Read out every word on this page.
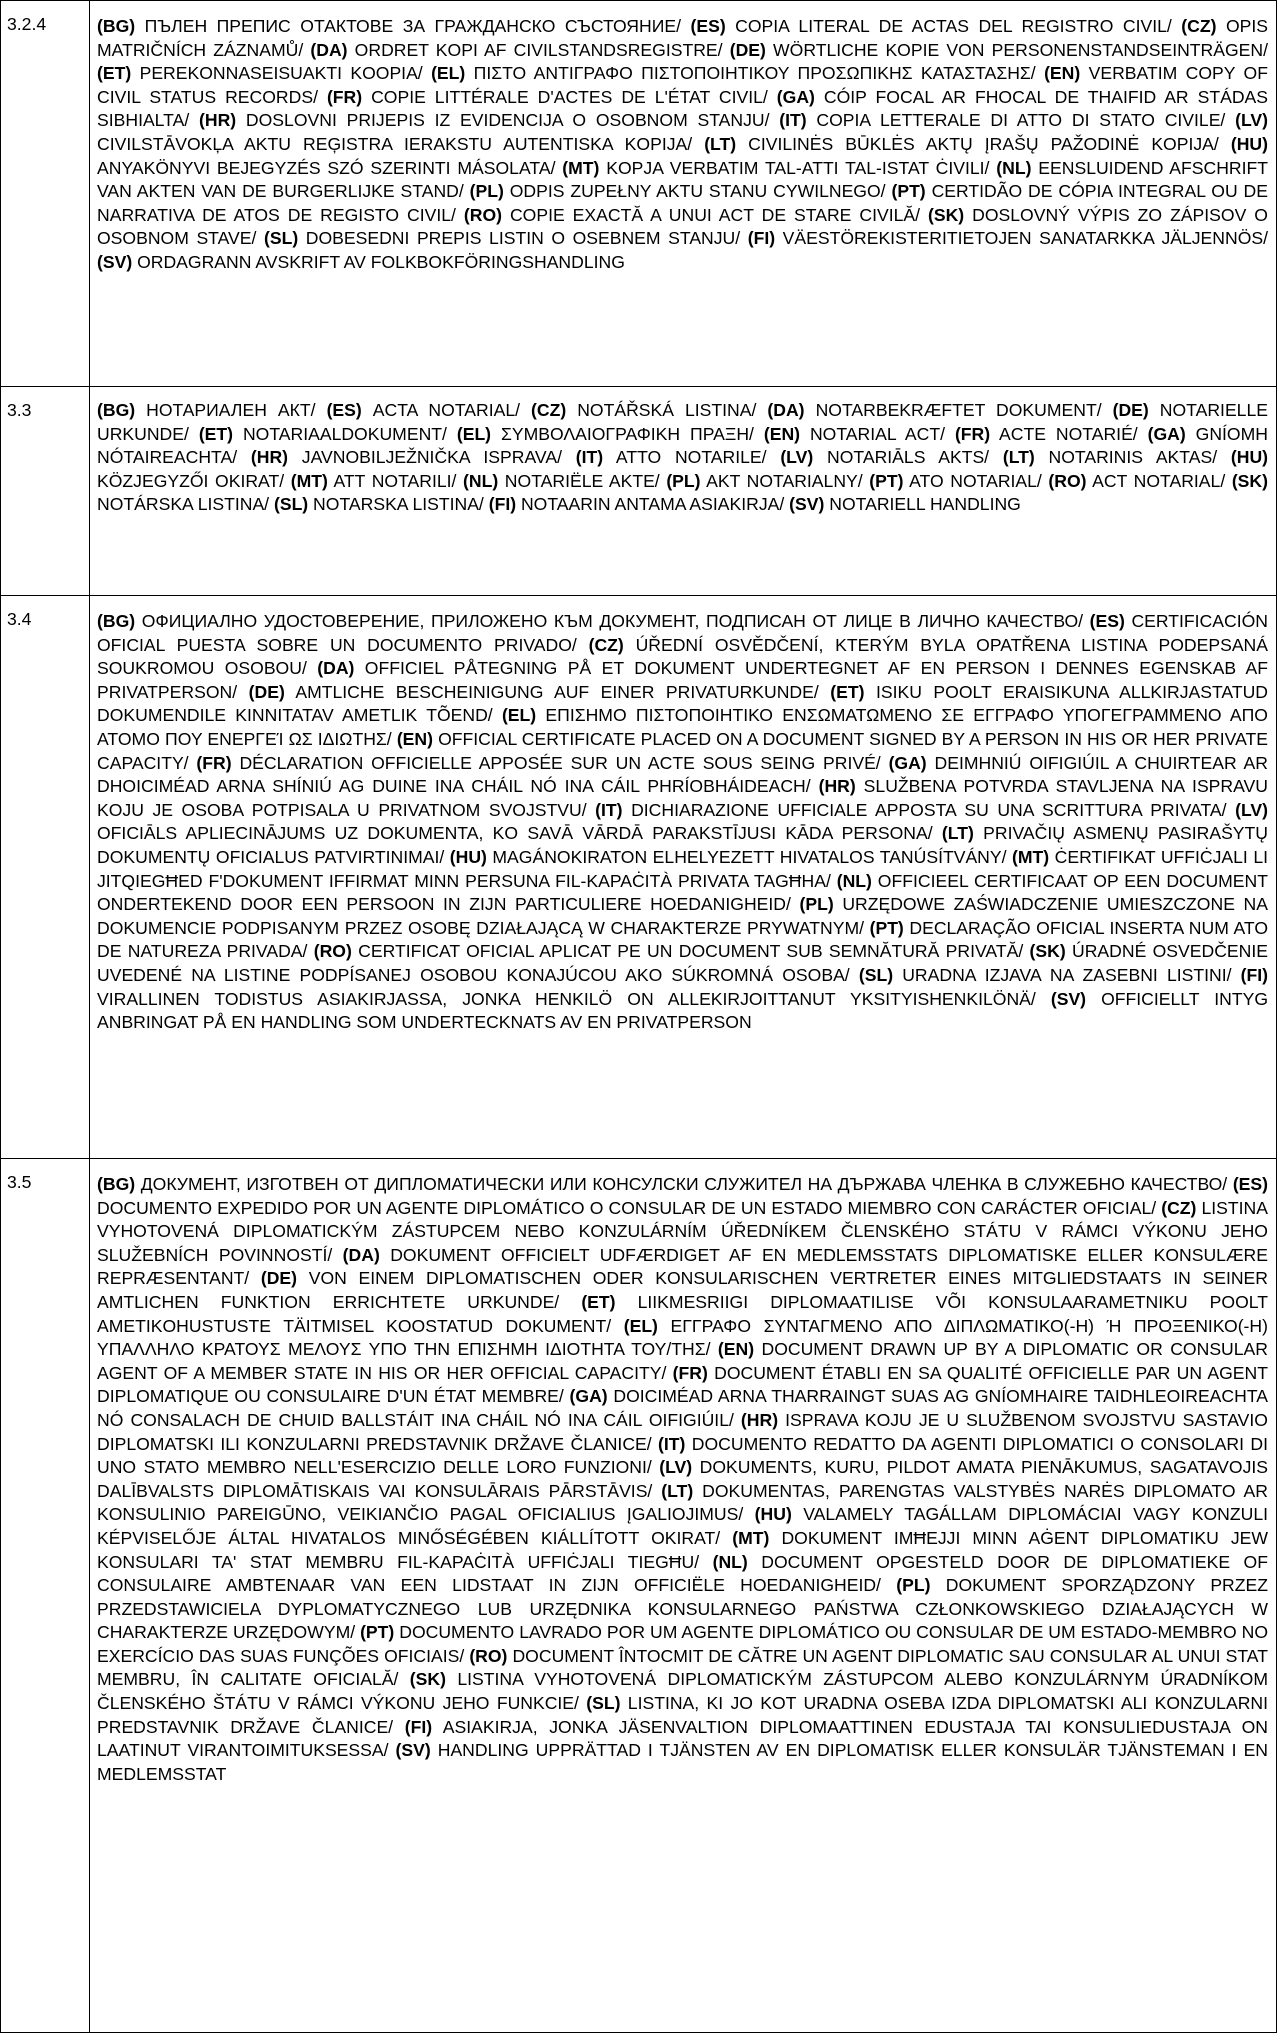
3.2.4	(BG) ПЪЛЕН ПРЕПИС ОТАКТОВЕ ЗА ГРАЖДАНСКО СЪСТОЯНИЕ/ (ES) COPIA LITERAL DE ACTAS DEL REGISTRO CIVIL/ (CZ) OPIS MATRIČNÍCH ZÁZNAMŮ/ (DA) ORDRET KOPI AF CIVILSTANDSREGISTRE/ (DE) WÖRTLICHE KOPIE VON PERSONENSTANDSEINTRÄGEN/ (ET) PEREKONNASEISUAKTI KOOPIA/ (EL) ΠΙΣΤΟ ΑΝΤΙΓΡΑΦΟ ΠΙΣΤΟΠΟΙΗΤΙΚΟΥ ΠΡΟΣΩΠΙΚΗΣ ΚΑΤΑΣΤΑΣΗΣ/ (EN) VERBATIM COPY OF CIVIL STATUS RECORDS/ (FR) COPIE LITTÉRALE D'ACTES DE L'ÉTAT CIVIL/ (GA) CÓIP FOCAL AR FHOCAL DE THAIFID AR STÁDAS SIBHIALTA/ (HR) DOSLOVNI PRIJEPIS IZ EVIDENCIJA O OSOBNOM STANJU/ (IT) COPIA LETTERALE DI ATTO DI STATO CIVILE/ (LV) CIVILSTĀVOKĻA AKTU REĢISTRA IERAKSTU AUTENTISKA KOPIJA/ (LT) CIVILINĖS BŪKLĖS AKTŲ ĮRAŠŲ PAŽODINĖ KOPIJA/ (HU) ANYAKÖNYVI BEJEGYZÉS SZÓ SZERINTI MÁSOLATA/ (MT) KOPJA VERBATIM TAL-ATTI TAL-ISTAT ĊIVILI/ (NL) EENSLUIDEND AFSCHRIFT VAN AKTEN VAN DE BURGERLIJKE STAND/ (PL) ODPIS ZUPEŁNY AKTU STANU CYWILNEGO/ (PT) CERTIDÃO DE CÓPIA INTEGRAL OU DE NARRATIVA DE ATOS DE REGISTO CIVIL/ (RO) COPIE EXACTĂ A UNUI ACT DE STARE CIVILĂ/ (SK) DOSLOVNÝ VÝPIS ZO ZÁPISOV O OSOBNOM STAVE/ (SL) DOBESEDNI PREPIS LISTIN O OSEBNEM STANJU/ (FI) VÄESTÖREKISTERITIETOJEN SANATARKKA JÄLJENNÖS/ (SV) ORDAGRANN AVSKRIFT AV FOLKBOKFÖRINGSHANDLING
3.3	(BG) НОТАРИАЛЕН АКТ/ (ES) ACTA NOTARIAL/ (CZ) NOTÁŘSKÁ LISTINA/ (DA) NOTARBEKRÆFTET DOKUMENT/ (DE) NOTARIELLE URKUNDE/ (ET) NOTARIAALDOKUMENT/ (EL) ΣΥΜΒΟΛΑΙΟΓΡΑΦΙΚΗ ΠΡΑΞΗ/ (EN) NOTARIAL ACT/ (FR) ACTE NOTARIÉ/ (GA) GNÍOMH NÓTAIREACHTA/ (HR) JAVNOBILJEŽNIČKA ISPRAVA/ (IT) ATTO NOTARILE/ (LV) NOTARIĀLS AKTS/ (LT) NOTARINIS AKTAS/ (HU) KÖZJEGYZŐI OKIRAT/ (MT) ATT NOTARILI/ (NL) NOTARIËLE AKTE/ (PL) AKT NOTARIALNY/ (PT) ATO NOTARIAL/ (RO) ACT NOTARIAL/ (SK) NOTÁRSKA LISTINA/ (SL) NOTARSKA LISTINA/ (FI) NOTAARIN ANTAMA ASIAKIRJA/ (SV) NOTARIELL HANDLING
3.4	(BG) ОФИЦИАЛНО УДОСТОВЕРЕНИЕ, ПРИЛОЖЕНО КЪМ ДОКУМЕНТ, ПОДПИСАН ОТ ЛИЦЕ В ЛИЧНО КАЧЕСТВО/ (ES) CERTIFICACIÓN OFICIAL PUESTA SOBRE UN DOCUMENTO PRIVADO/ (CZ) ÚŘEDNÍ OSVĚDČENÍ, KTERÝM BYLA OPATŘENA LISTINA PODEPSANÁ SOUKROMOU OSOBOU/ (DA) OFFICIEL PÅTEGNING PÅ ET DOKUMENT UNDERTEGNET AF EN PERSON I DENNES EGENSKAB AF PRIVATPERSON/ (DE) AMTLICHE BESCHEINIGUNG AUF EINER PRIVATURKUNDE/ (ET) ISIKU POOLT ERAISIKUNA ALLKIRJASTATUD DOKUMENDILE KINNITATAV AMETLIK TÕEND/ (EL) ΕΠΙΣΗΜΟ ΠΙΣΤΟΠΟΙΗΤΙΚΟ ΕΝΣΩΜΑΤΩΜΕΝΟ ΣΕ ΕΓΓΡΑΦΟ ΥΠΟΓΕΓΡΑΜΜΕΝΟ ΑΠΟ ΑΤΟΜΟ ΠΟΥ ΕΝΕΡΓΕΊ ΩΣ ΙΔΙΩΤΗΣ/ (EN) OFFICIAL CERTIFICATE PLACED ON A DOCUMENT SIGNED BY A PERSON IN HIS OR HER PRIVATE CAPACITY/ (FR) DÉCLARATION OFFICIELLE APPOSÉE SUR UN ACTE SOUS SEING PRIVÉ/ (GA) DEIMHNIÚ OIFIGIÚIL A CHUIRTEAR AR DHOICIMÉAD ARNA SHÍNIÚ AG DUINE INA CHÁIL NÓ INA CÁIL PHRÍOBHÁIDEACH/ (HR) SLUŽBENA POTVRDA STAVLJENA NA ISPRAVU KOJU JE OSOBA POTPISALA U PRIVATNOM SVOJSTVU/ (IT) DICHIARAZIONE UFFICIALE APPOSTA SU UNA SCRITTURA PRIVATA/ (LV) OFICIĀLS APLIECINĀJUMS UZ DOKUMENTA, KO SAVĀ VĀRDĀ PARAKSTĪJUSI KĀDA PERSONA/ (LT) PRIVAČIŲ ASMENŲ PASIRAŠYTŲ DOKUMENTŲ OFICIALUS PATVIRTINIMAI/ (HU) MAGÁNOKIRATON ELHELYEZETT HIVATALOS TANÚSÍTVÁNY/ (MT) ĊERTIFIKAT UFFIĊJALI LI JITQIEGĦED F'DOKUMENT IFFIRMAT MINN PERSUNA FIL-KAPAĊITÀ PRIVATA TAGĦHA/ (NL) OFFICIEEL CERTIFICAAT OP EEN DOCUMENT ONDERTEKEND DOOR EEN PERSOON IN ZIJN PARTICULIERE HOEDANIGHEID/ (PL) URZĘDOWE ZAŚWIADCZENIE UMIESZCZONE NA DOKUMENCIE PODPISANYM PRZEZ OSOBĘ DZIAŁAJĄCĄ W CHARAKTERZE PRYWATNYM/ (PT) DECLARAÇÃO OFICIAL INSERTA NUM ATO DE NATUREZA PRIVADA/ (RO) CERTIFICAT OFICIAL APLICAT PE UN DOCUMENT SUB SEMNĂTURĂ PRIVATĂ/ (SK) ÚRADNÉ OSVEDČENIE UVEDENÉ NA LISTINE PODPÍSANEJ OSOBOU KONAJÚCOU AKO SÚKROMNÁ OSOBA/ (SL) URADNA IZJAVA NA ZASEBNI LISTINI/ (FI) VIRALLINEN TODISTUS ASIAKIRJASSA, JONKA HENKILÖ ON ALLEKIRJOITTANUT YKSITYISHENKILÖNÄ/ (SV) OFFICIELLT INTYG ANBRINGAT PÅ EN HANDLING SOM UNDERTECKNATS AV EN PRIVATPERSON
3.5	(BG) ДОКУМЕНТ, ИЗГОТВЕН ОТ ДИПЛОМАТИЧЕСКИ ИЛИ КОНСУЛСКИ СЛУЖИТЕЛ НА ДЪРЖАВА ЧЛЕНКА В СЛУЖЕБНО КАЧЕСТВО/ (ES) DOCUMENTO EXPEDIDO POR UN AGENTE DIPLOMÁTICO O CONSULAR DE UN ESTADO MIEMBRO CON CARÁCTER OFICIAL/ (CZ) LISTINA VYHOTOVENÁ DIPLOMATICKÝM ZÁSTUPCEM NEBO KONZULÁRNÍM ÚŘEDNÍKEM ČLENSKÉHO STÁTU V RÁMCI VÝKONU JEHO SLUŽEBNÍCH POVINNOSTÍ/ (DA) DOKUMENT OFFICIELT UDFÆRDIGET AF EN MEDLEMSSTATS DIPLOMATISKE ELLER KONSULÆRE REPRÆSENTANT/ (DE) VON EINEM DIPLOMATISCHEN ODER KONSULARISCHEN VERTRETER EINES MITGLIEDSTAATS IN SEINER AMTLICHEN FUNKTION ERRICHTETE URKUNDE/ (ET) LIIKMESRIIGI DIPLOMAATILISE VÕI KONSULAARAMETNIKU POOLT AMETIKOHUSTUSTE TÄITMISEL KOOSTATUD DOKUMENT/ (EL) ΕΓΓΡΑΦΟ ΣΥΝΤΑΓΜΕΝΟ ΑΠΟ ΔΙΠΛΩΜΑΤΙΚΟ(-Η) Ή ΠΡΟΞΕΝΙΚΟ(-Η) ΥΠΑΛΛΗΛΟ ΚΡΑΤΟΥΣ ΜΕΛΟΥΣ ΥΠΟ ΤΗΝ ΕΠΙΣΗΜΗ ΙΔΙΟΤΗΤΑ ΤΟΥ/ΤΗΣ/ (EN) DOCUMENT DRAWN UP BY A DIPLOMATIC OR CONSULAR AGENT OF A MEMBER STATE IN HIS OR HER OFFICIAL CAPACITY/ (FR) DOCUMENT ÉTABLI EN SA QUALITÉ OFFICIELLE PAR UN AGENT DIPLOMATIQUE OU CONSULAIRE D'UN ÉTAT MEMBRE/ (GA) DOICIMÉAD ARNA THARRAINGT SUAS AG GNÍOMHAIRE TAIDHLEOIREACHTA NÓ CONSALACH DE CHUID BALLSTÁIT INA CHÁIL NÓ INA CÁIL OIFIGIÚIL/ (HR) ISPRAVA KOJU JE U SLUŽBENOM SVOJSTVU SASTAVIO DIPLOMATSKI ILI KONZULARNI PREDSTAVNIK DRŽAVE ČLANICE/ (IT) DOCUMENTO REDATTO DA AGENTI DIPLOMATICI O CONSOLARI DI UNO STATO MEMBRO NELL'ESERCIZIO DELLE LORO FUNZIONI/ (LV) DOKUMENTS, KURU, PILDOT AMATA PIENĀKUMUS, SAGATAVOJIS DALĪBVALSTS DIPLOMĀTISKAIS VAI KONSULĀRAIS PĀRSTĀVIS/ (LT) DOKUMENTAS, PARENGTAS VALSTYBĖS NARĖS DIPLOMATO AR KONSULINIO PAREIGŪNO, VEIKIANČIO PAGAL OFICIALIUS ĮGALIOJIMUS/ (HU) VALAMELY TAGÁLLAM DIPLOMÁCIAI VAGY KONZULI KÉPVISELŐJE ÁLTAL HIVATALOS MINŐSÉGÉBEN KIÁLLÍTOTT OKIRAT/ (MT) DOKUMENT IMĦEJJI MINN AĠENT DIPLOMATIKU JEW KONSULARI TA' STAT MEMBRU FIL-KAPAĊITÀ UFFIĊJALI TIEGĦU/ (NL) DOCUMENT OPGESTELD DOOR DE DIPLOMATIEKE OF CONSULAIRE AMBTENAAR VAN EEN LIDSTAAT IN ZIJN OFFICIËLE HOEDANIGHEID/ (PL) DOKUMENT SPORZĄDZONY PRZEZ PRZEDSTAWICIELA DYPLOMATYCZNEGO LUB URZĘDNIKA KONSULARNEGO PAŃSTWA CZŁONKOWSKIEGO DZIAŁAJĄCYCH W CHARAKTERZE URZĘDOWYM/ (PT) DOCUMENTO LAVRADO POR UM AGENTE DIPLOMÁTICO OU CONSULAR DE UM ESTADO-MEMBRO NO EXERCÍCIO DAS SUAS FUNÇÕES OFICIAIS/ (RO) DOCUMENT ÎNTOCMIT DE CĂTRE UN AGENT DIPLOMATIC SAU CONSULAR AL UNUI STAT MEMBRU, ÎN CALITATE OFICIALĂ/ (SK) LISTINA VYHOTOVENÁ DIPLOMATICKÝM ZÁSTUPCOM ALEBO KONZULÁRNYM ÚRADNÍKOM ČLENSKÉHO ŠTÁTU V RÁMCI VÝKONU JEHO FUNKCIE/ (SL) LISTINA, KI JO KOT URADNA OSEBA IZDA DIPLOMATSKI ALI KONZULARNI PREDSTAVNIK DRŽAVE ČLANICE/ (FI) ASIAKIRJA, JONKA JÄSENVALTION DIPLOMAATTINEN EDUSTAJA TAI KONSULIEDUSTAJA ON LAATINUT VIRANTOIMITUKSESSA/ (SV) HANDLING UPPRÄTTAD I TJÄNSTEN AV EN DIPLOMATISK ELLER KONSULÄR TJÄNSTEMAN I EN MEDLEMSSTAT
